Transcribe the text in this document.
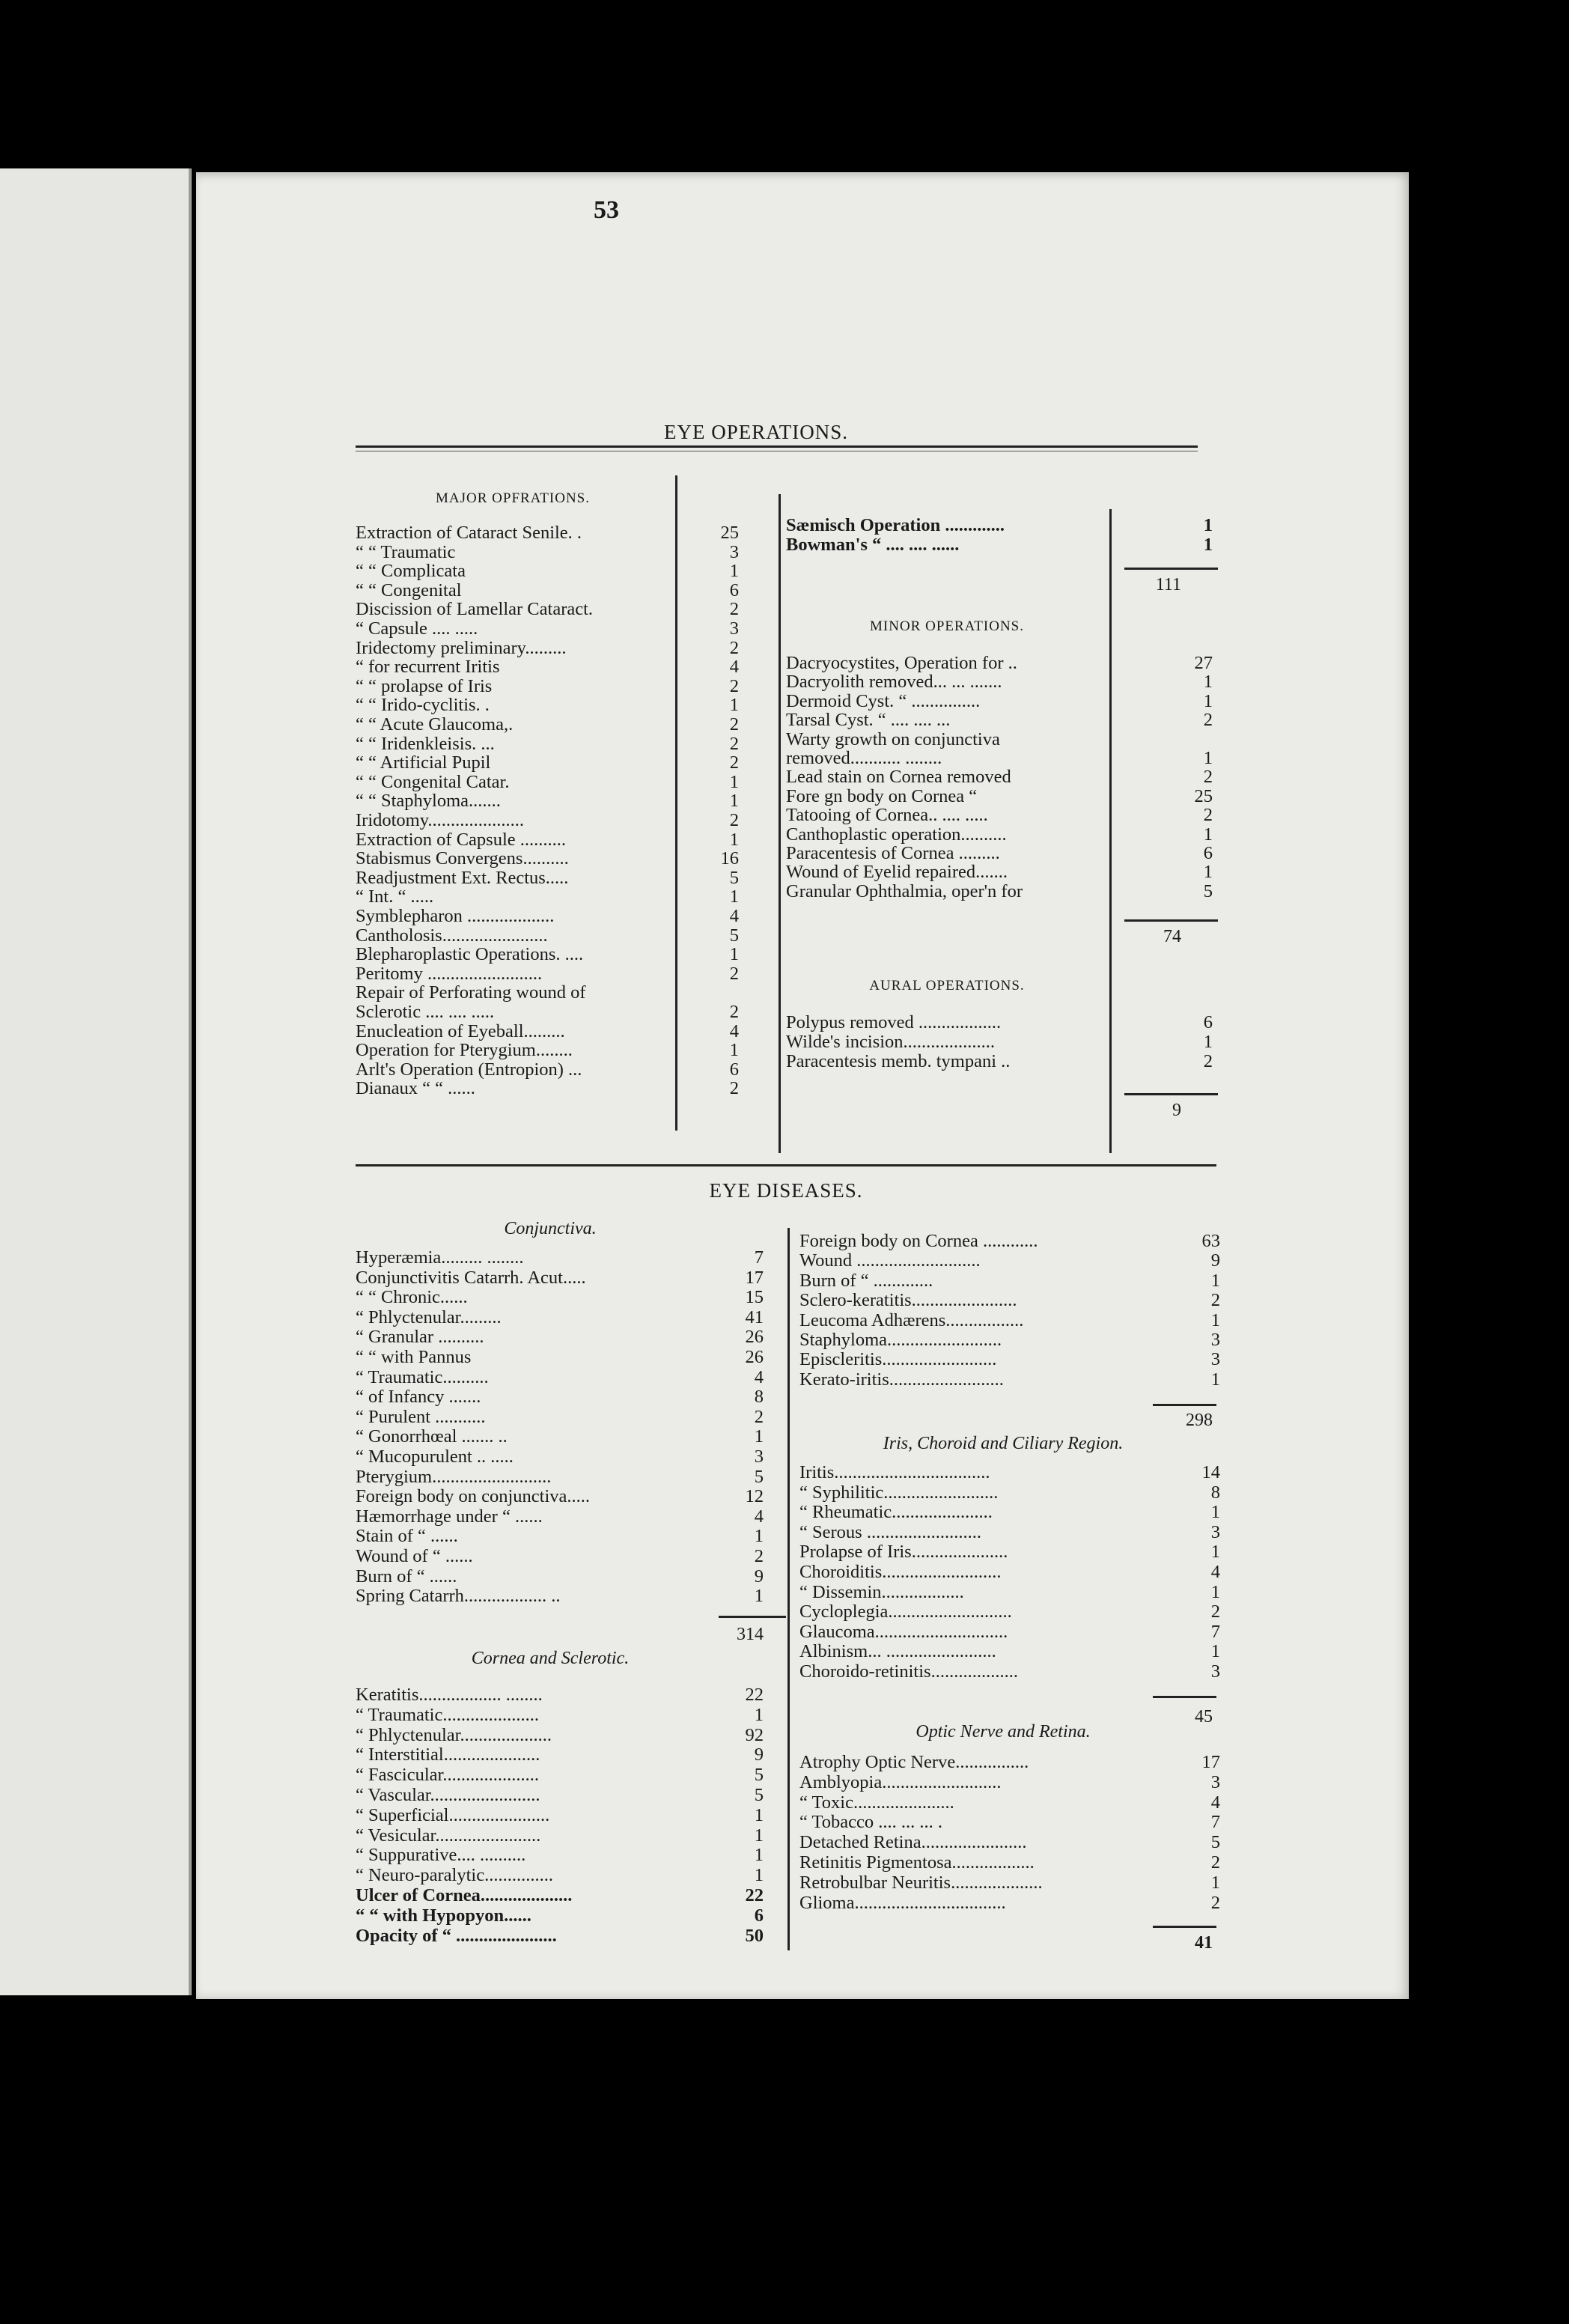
53
EYE OPERATIONS.
MAJOR OPFRATIONS.
Extraction of Cataract Senile. .	25
“ “ Traumatic	3
“ “ Complicata	1
“ “ Congenital	6
Discission of Lamellar Cataract.	2
“ Capsule .... .....	3
Iridectomy preliminary.........	2
“ for recurrent Iritis	4
“ “ prolapse of Iris	2
“ “ Irido-cyclitis. .	1
“ “ Acute Glaucoma,.	2
“ “ Iridenkleisis. ...	2
“ “ Artificial Pupil	2
“ “ Congenital Catar.	1
“ “ Staphyloma.......	1
Iridotomy.....................	2
Extraction of Capsule ..........	1
Stabismus Convergens..........	16
Readjustment Ext. Rectus.....	5
“ Int. “ .....	1
Symblepharon ...................	4
Cantholosis.......................	5
Blepharoplastic Operations. ....	1
Peritomy .........................	2
Repair of Perforating wound of
Sclerotic .... .... .....	2
Enucleation of Eyeball.........	4
Operation for Pterygium........	1
Arlt's Operation (Entropion) ...	6
Dianaux “ “ ......	2
Sæmisch Operation .............	1
Bowman's “ .... .... ......	1
111
MINOR OPERATIONS.
Dacryocystites, Operation for ..	27
Dacryolith removed... ... .......	1
Dermoid Cyst. “ ...............	1
Tarsal Cyst. “ .... .... ...	2
Warty growth on conjunctiva
removed........... ........	1
Lead stain on Cornea removed	2
Fore gn body on Cornea “	25
Tatooing of Cornea.. .... .....	2
Canthoplastic operation..........	1
Paracentesis of Cornea .........	6
Wound of Eyelid repaired.......	1
Granular Ophthalmia, oper'n for	5
74
AURAL OPERATIONS.
Polypus removed ..................	6
Wilde's incision....................	1
Paracentesis memb. tympani ..	2
9
EYE DISEASES.
Conjunctiva.
Hyperæmia......... ........	7
Conjunctivitis Catarrh. Acut.....	17
“ “ Chronic......	15
“ Phlyctenular.........	41
“ Granular ..........	26
“ “ with Pannus	26
“ Traumatic..........	4
“ of Infancy .......	8
“ Purulent ...........	2
“ Gonorrhœal ....... ..	1
“ Mucopurulent .. .....	3
Pterygium..........................	5
Foreign body on conjunctiva.....	12
Hæmorrhage under “ ......	4
Stain of “ ......	1
Wound of “ ......	2
Burn of “ ......	9
Spring Catarrh.................. ..	1
314
Cornea and Sclerotic.
Keratitis.................. ........	22
“ Traumatic.....................	1
“ Phlyctenular....................	92
“ Interstitial.....................	9
“ Fascicular.....................	5
“ Vascular........................	5
“ Superficial......................	1
“ Vesicular.......................	1
“ Suppurative.... ..........	1
“ Neuro-paralytic...............	1
Ulcer of Cornea....................	22
“ “ with Hypopyon......	6
Opacity of “ ......................	50
Foreign body on Cornea ............	63
Wound ...........................	9
Burn of “ .............	1
Sclero-keratitis.......................	2
Leucoma Adhærens.................	1
Staphyloma.........................	3
Episcleritis.........................	3
Kerato-iritis.........................	1
298
Iris, Choroid and Ciliary Region.
Iritis..................................	14
“ Syphilitic.........................	8
“ Rheumatic......................	1
“ Serous .........................	3
Prolapse of Iris.....................	1
Choroiditis..........................	4
“ Dissemin..................	1
Cycloplegia...........................	2
Glaucoma.............................	7
Albinism... ........................	1
Choroido-retinitis...................	3
45
Optic Nerve and Retina.
Atrophy Optic Nerve................	17
Amblyopia..........................	3
“ Toxic......................	4
“ Tobacco .... ... ... .	7
Detached Retina.......................	5
Retinitis Pigmentosa..................	2
Retrobulbar Neuritis....................	1
Glioma.................................	2
41
